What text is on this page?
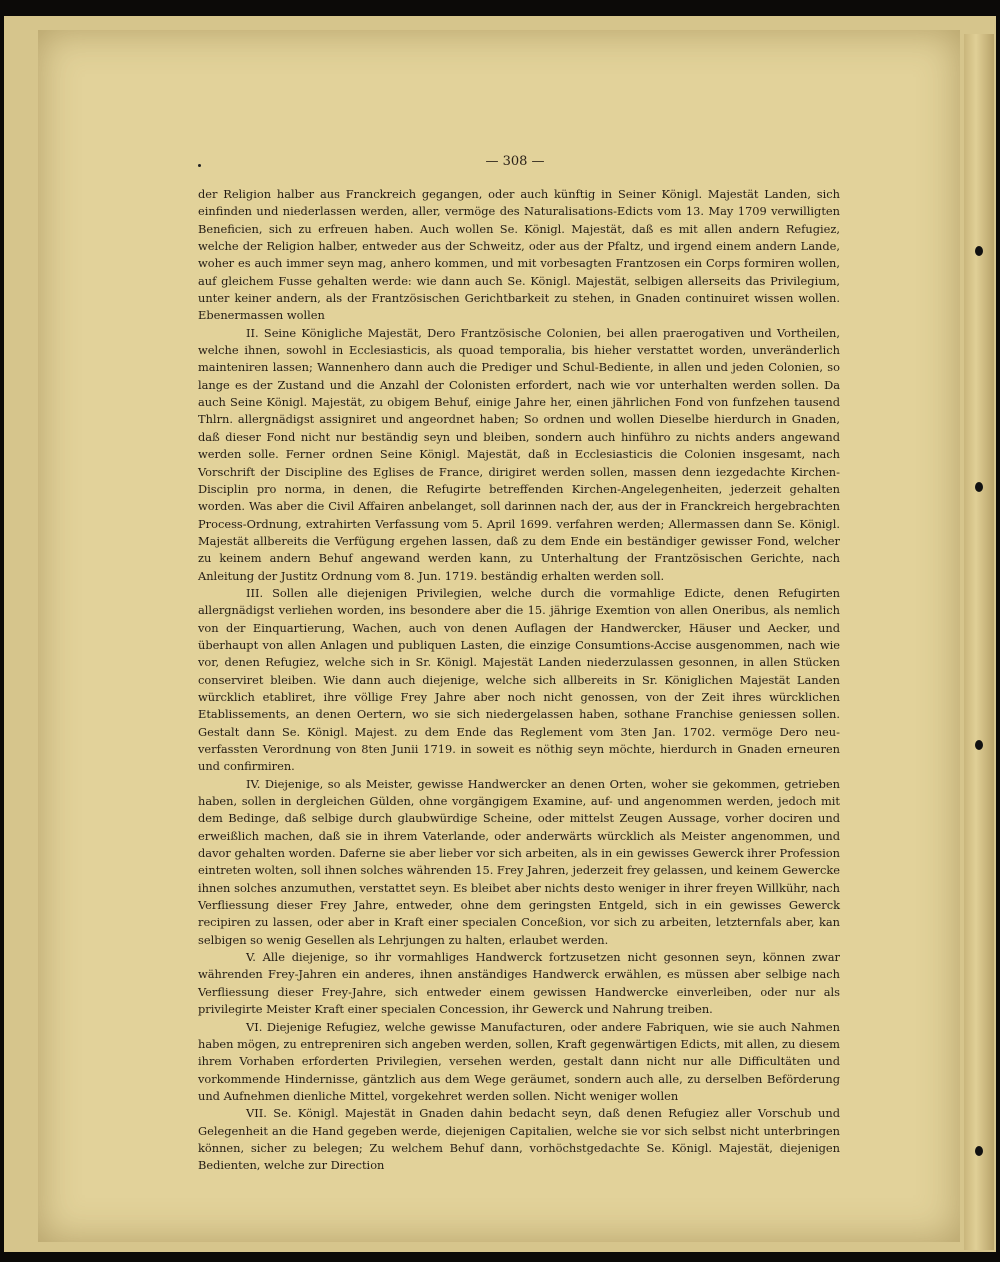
— 308 —

der Religion halber aus Franckreich gegangen, oder auch künftig in Seiner Königl. Majestät Landen, sich einfinden und niederlassen werden, aller, vermöge des Naturalisations-Edicts vom 13. May 1709 verwilligten Beneficien, sich zu erfreuen haben. Auch wollen Se. Königl. Majestät, daß es mit allen andern Refugiez, welche der Religion halber, entweder aus der Schweitz, oder aus der Pfaltz, und irgend einem andern Lande, woher es auch immer seyn mag, anhero kommen, und mit vorbesagten Frantzosen ein Corps formiren wollen, auf gleichem Fusse gehalten werde: wie dann auch Se. Königl. Majestät, selbigen allerseits das Privilegium, unter keiner andern, als der Frantzösischen Gerichtbarkeit zu stehen, in Gnaden continuiret wissen wollen. Ebenermassen wollen

II. Seine Königliche Majestät, Dero Frantzösische Colonien, bei allen praerogativen und Vortheilen, welche ihnen, sowohl in Ecclesiasticis, als quoad temporalia, bis hieher verstattet worden, unveränderlich mainteniren lassen; Wannenhero dann auch die Prediger und Schul-Bediente, in allen und jeden Colonien, so lange es der Zustand und die Anzahl der Colonisten erfordert, nach wie vor unterhalten werden sollen. Da auch Seine Königl. Majestät, zu obigem Behuf, einige Jahre her, einen jährlichen Fond von funfzehen tausend Thlrn. allergnädigst assigniret und angeordnet haben; So ordnen und wollen Dieselbe hierdurch in Gnaden, daß dieser Fond nicht nur beständig seyn und bleiben, sondern auch hinführo zu nichts anders angewand werden solle. Ferner ordnen Seine Königl. Majestät, daß in Ecclesiasticis die Colonien insgesamt, nach Vorschrift der Discipline des Eglises de France, dirigiret werden sollen, massen denn iezgedachte Kirchen-Disciplin pro norma, in denen, die Refugirte betreffenden Kirchen-Angelegenheiten, jederzeit gehalten worden. Was aber die Civil Affairen anbelanget, soll darinnen nach der, aus der in Franckreich hergebrachten Process-Ordnung, extrahirten Verfassung vom 5. April 1699. verfahren werden; Allermassen dann Se. Königl. Majestät allbereits die Verfügung ergehen lassen, daß zu dem Ende ein beständiger gewisser Fond, welcher zu keinem andern Behuf angewand werden kann, zu Unterhaltung der Frantzösischen Gerichte, nach Anleitung der Justitz Ordnung vom 8. Jun. 1719. beständig erhalten werden soll.

III. Sollen alle diejenigen Privilegien, welche durch die vormahlige Edicte, denen Refugirten allergnädigst verliehen worden, ins besondere aber die 15. jährige Exemtion von allen Oneribus, als nemlich von der Einquartierung, Wachen, auch von denen Auflagen der Handwercker, Häuser und Aecker, und überhaupt von allen Anlagen und publiquen Lasten, die einzige Consumtions-Accise ausgenommen, nach wie vor, denen Refugiez, welche sich in Sr. Königl. Majestät Landen niederzulassen gesonnen, in allen Stücken conserviret bleiben. Wie dann auch diejenige, welche sich allbereits in Sr. Königlichen Majestät Landen würcklich etabliret, ihre völlige Frey Jahre aber noch nicht genossen, von der Zeit ihres würcklichen Etablissements, an denen Oertern, wo sie sich niedergelassen haben, sothane Franchise geniessen sollen. Gestalt dann Se. Königl. Majest. zu dem Ende das Reglement vom 3ten Jan. 1702. vermöge Dero neu-verfassten Verordnung von 8ten Junii 1719. in soweit es nöthig seyn möchte, hierdurch in Gnaden erneuren und confirmiren.

IV. Diejenige, so als Meister, gewisse Handwercker an denen Orten, woher sie gekommen, getrieben haben, sollen in dergleichen Gülden, ohne vorgängigem Examine, auf- und angenommen werden, jedoch mit dem Bedinge, daß selbige durch glaubwürdige Scheine, oder mittelst Zeugen Aussage, vorher dociren und erweißlich machen, daß sie in ihrem Vaterlande, oder anderwärts würcklich als Meister angenommen, und davor gehalten worden. Daferne sie aber lieber vor sich arbeiten, als in ein gewisses Gewerck ihrer Profession eintreten wolten, soll ihnen solches währenden 15. Frey Jahren, jederzeit frey gelassen, und keinem Gewercke ihnen solches anzumuthen, verstattet seyn. Es bleibet aber nichts desto weniger in ihrer freyen Willkühr, nach Verfliessung dieser Frey Jahre, entweder, ohne dem geringsten Entgeld, sich in ein gewisses Gewerck recipiren zu lassen, oder aber in Kraft einer specialen Conceßion, vor sich zu arbeiten, letzternfals aber, kan selbigen so wenig Gesellen als Lehrjungen zu halten, erlaubet werden.

V. Alle diejenige, so ihr vormahliges Handwerck fortzusetzen nicht gesonnen seyn, können zwar währenden Frey-Jahren ein anderes, ihnen anständiges Handwerck erwählen, es müssen aber selbige nach Verfliessung dieser Frey-Jahre, sich entweder einem gewissen Handwercke einverleiben, oder nur als privilegirte Meister Kraft einer specialen Concession, ihr Gewerck und Nahrung treiben.

VI. Diejenige Refugiez, welche gewisse Manufacturen, oder andere Fabriquen, wie sie auch Nahmen haben mögen, zu entrepreniren sich angeben werden, sollen, Kraft gegenwärtigen Edicts, mit allen, zu diesem ihrem Vorhaben erforderten Privilegien, versehen werden, gestalt dann nicht nur alle Difficultäten und vorkommende Hindernisse, gäntzlich aus dem Wege geräumet, sondern auch alle, zu derselben Beförderung und Aufnehmen dienliche Mittel, vorgekehret werden sollen. Nicht weniger wollen

VII. Se. Königl. Majestät in Gnaden dahin bedacht seyn, daß denen Refugiez aller Vorschub und Gelegenheit an die Hand gegeben werde, diejenigen Capitalien, welche sie vor sich selbst nicht unterbringen können, sicher zu belegen; Zu welchem Behuf dann, vorhöchstgedachte Se. Königl. Majestät, diejenigen Bedienten, welche zur Direction
